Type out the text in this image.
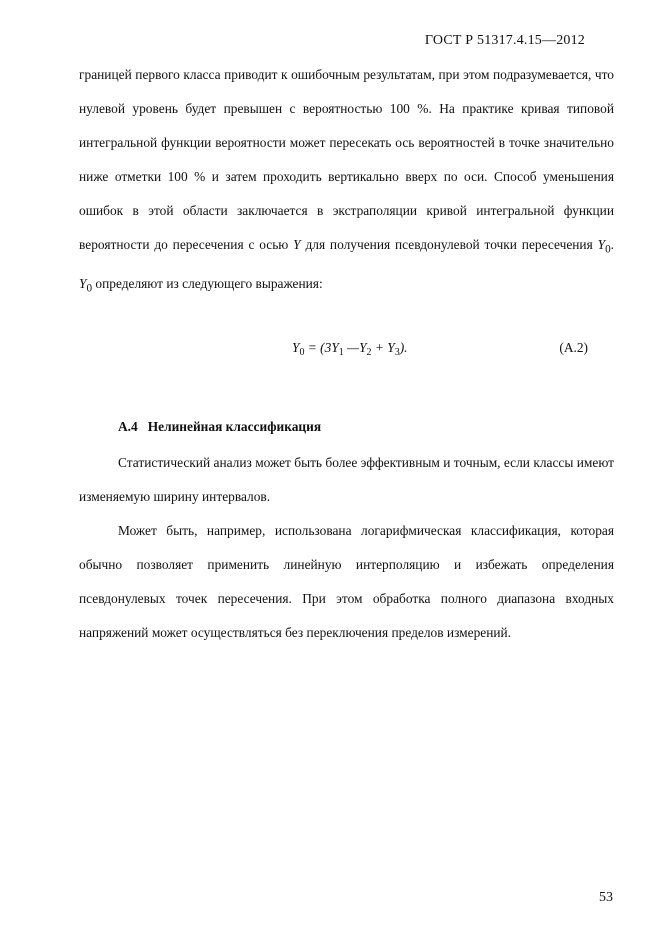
ГОСТ Р 51317.4.15—2012

границей первого класса приводит к ошибочным результатам, при этом подразумевается, что нулевой уровень будет превышен с вероятностью 100 %. На практике кривая типовой интегральной функции вероятности может пересекать ось вероятностей в точке значительно ниже отметки 100 % и затем проходить вертикально вверх по оси. Способ уменьшения ошибок в этой области заключается в экстраполяции кривой интегральной функции вероятности до пересечения с осью Y для получения псевдонулевой точки пересечения $Y_0$. $Y_0$ определяют из следующего выражения:

$Y_0 = (3Y_1$ $—Y_2 + Y_3$).	(А.2)
А.4 Нелинейная классификация

Статистический анализ может быть более эффективным и точным, если классы имеют изменяемую ширину интервалов.

Может быть, например, использована логарифмическая классификация, которая обычно позволяет применить линейную интерполяцию и избежать определения псевдонулевых точек пересечения. При этом обработка полного диапазона входных напряжений может осуществляться без переключения пределов измерений.

53
